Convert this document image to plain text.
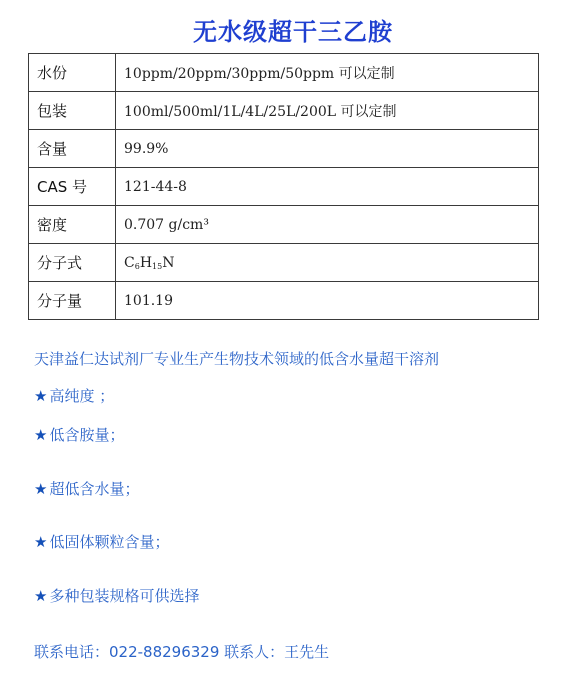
无水级超干三乙胺
水份	10ppm/20ppm/30ppm/50ppm 可以定制
包装	100ml/500ml/1L/4L/25L/200L 可以定制
含量	99.9%
CAS 号	121-44-8
密度	0.707 g/cm³
分子式	$C_6H_{15}N$
分子量	101.19
天津益仁达试剂厂专业生产生物技术领域的低含水量超干溶剂
★ 高纯度 ；
★ 低含胺量；
★ 超低含水量；
★ 低固体颗粒含量；
★ 多种包装规格可供选择
联系电话：022-88296329 联系人：王先生
